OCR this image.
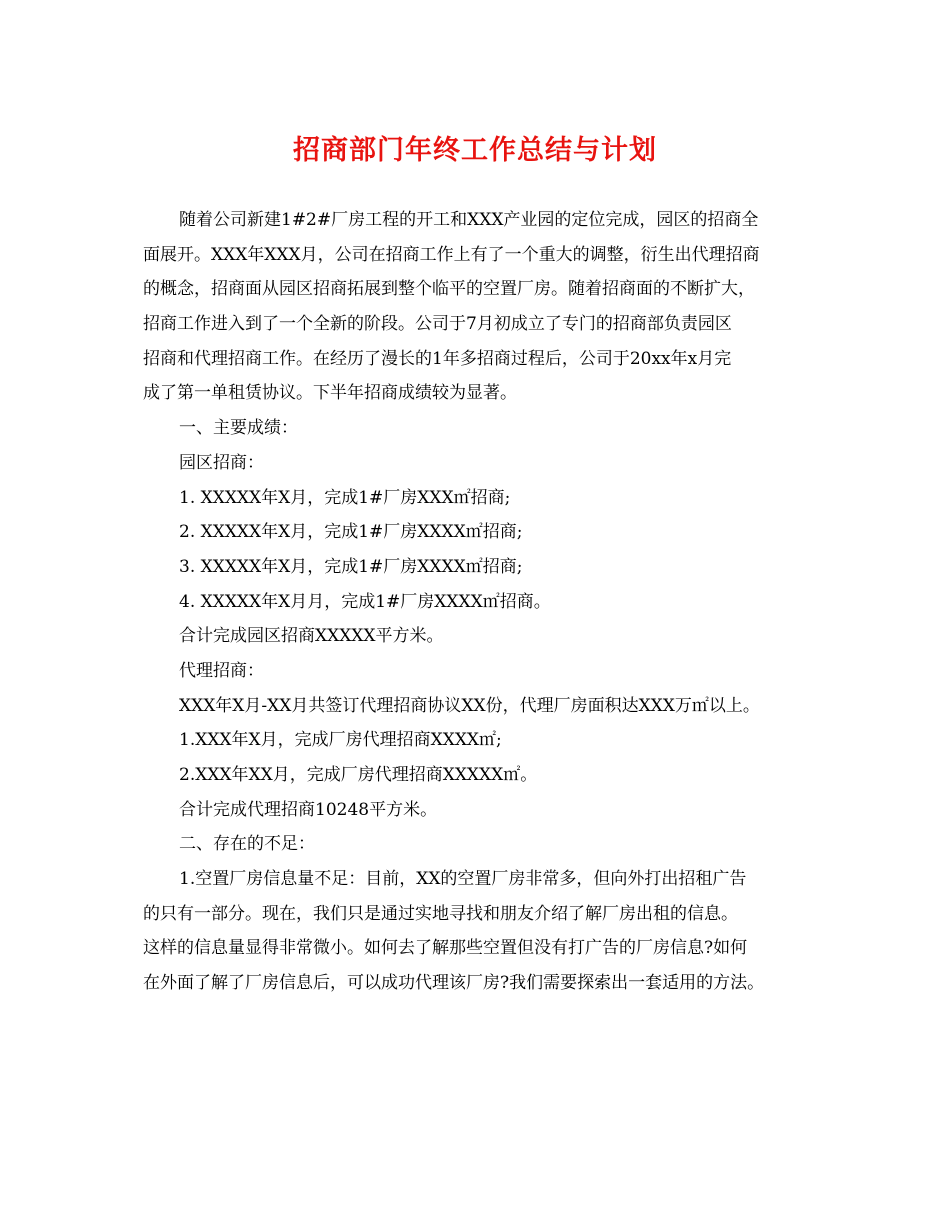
招商部门年终工作总结与计划
随着公司新建1#2#厂房工程的开工和XXX产业园的定位完成，园区的招商全
面展开。XXX年XXX月，公司在招商工作上有了一个重大的调整，衍生出代理招商
的概念，招商面从园区招商拓展到整个临平的空置厂房。随着招商面的不断扩大，
招商工作进入到了一个全新的阶段。公司于7月初成立了专门的招商部负责园区
招商和代理招商工作。在经历了漫长的1年多招商过程后，公司于20xx年x月完
成了第一单租赁协议。下半年招商成绩较为显著。
一、主要成绩：
园区招商：
1. XXXXX年X月，完成1#厂房XXX㎡招商;
2. XXXXX年X月，完成1#厂房XXXX㎡招商;
3. XXXXX年X月，完成1#厂房XXXX㎡招商;
4. XXXXX年X月月，完成1#厂房XXXX㎡招商。
合计完成园区招商XXXXX平方米。
代理招商：
XXX年X月-XX月共签订代理招商协议XX份，代理厂房面积达XXX万㎡以上。
1.XXX年X月，完成厂房代理招商XXXX㎡;
2.XXX年XX月，完成厂房代理招商XXXXX㎡。
合计完成代理招商10248平方米。
二、存在的不足：
1.空置厂房信息量不足：目前，XX的空置厂房非常多，但向外打出招租广告
的只有一部分。现在，我们只是通过实地寻找和朋友介绍了解厂房出租的信息。
这样的信息量显得非常微小。如何去了解那些空置但没有打广告的厂房信息?如何
在外面了解了厂房信息后，可以成功代理该厂房?我们需要探索出一套适用的方法。
